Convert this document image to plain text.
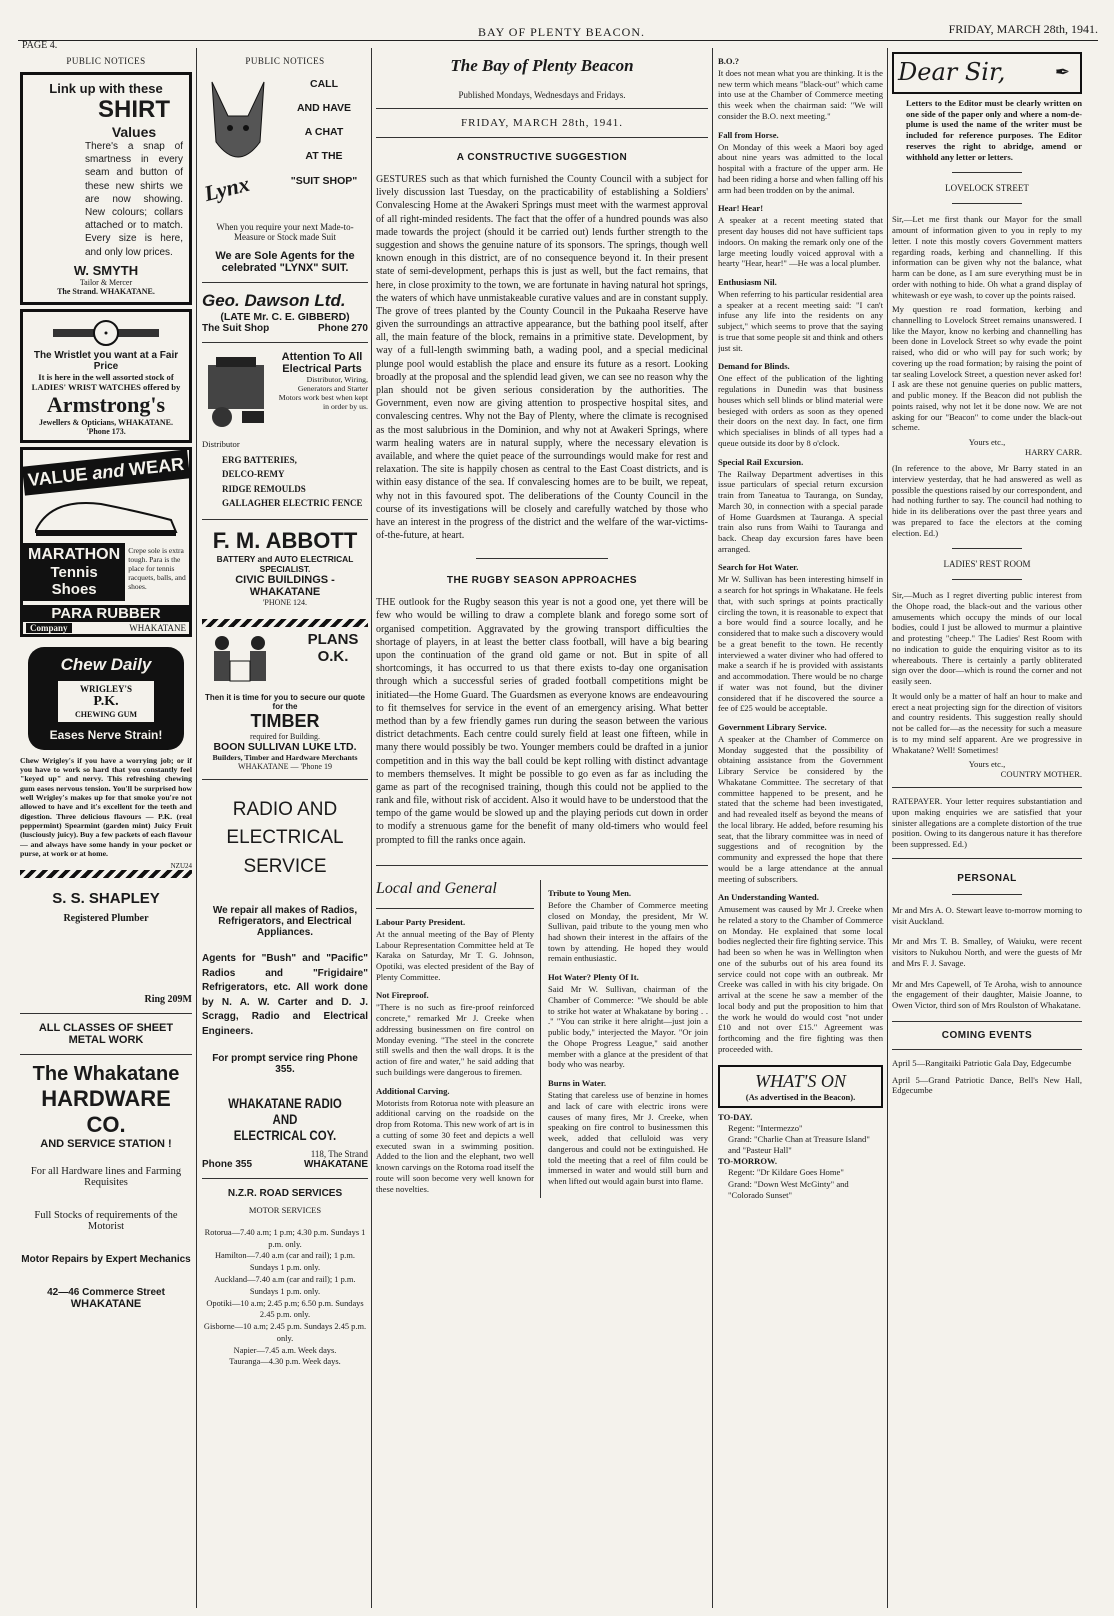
BAY OF PLENTY BEACON.	FRIDAY, MARCH 28th, 1941.
PAGE 4.
PUBLIC NOTICES
Link up with these
SHIRT
Values

There's a snap of smartness in every seam and button of these new shirts we are now showing. New colours; collars attached or to match. Every size is here, and only low prices.

W. SMYTH
Tailor & Mercer
The Strand. WHAKATANE.
The Wristlet you want at a Fair Price
It is here in the well assorted stock of LADIES' WRIST WATCHES offered by
Armstrong's
Jewellers & Opticians, WHAKATANE. 'Phone 173.
VALUE and WEAR
MARATHON
Tennis
Shoes
Crepe sole is extra tough. Para is the place for tennis racquets, balls, and shoes.
PARA RUBBER
Company	WHAKATANE
Chew Daily
WRIGLEY'S
P.K.
CHEWING GUM
Eases Nerve Strain!

Chew Wrigley's if you have a worrying job; or if you have to work so hard that you constantly feel "keyed up" and nervy. This refreshing chewing gum eases nervous tension. You'll be surprised how well Wrigley's makes up for that smoke you're not allowed to have and it's excellent for the teeth and digestion. Three delicious flavours — P.K. (real peppermint) Spearmint (garden mint) Juicy Fruit (lusciously juicy). Buy a few packets of each flavour — and always have some handy in your pocket or purse, at work or at home.

NZU24
S. S. SHAPLEY
Registered Plumber
Ring 209M
ALL CLASSES OF SHEET METAL WORK
The Whakatane
HARDWARE CO.
AND SERVICE STATION !
For all Hardware lines and Farming Requisites
Full Stocks of requirements of the Motorist
Motor Repairs by Expert Mechanics
42—46 Commerce Street
WHAKATANE
PUBLIC NOTICES
Lynx
CALL
AND HAVE
A CHAT
AT THE
"SUIT SHOP"
When you require your next Made-to-Measure or Stock made Suit
We are Sole Agents for the celebrated "LYNX" SUIT.
Geo. Dawson Ltd.
(LATE Mr. C. E. GIBBERD)
The Suit Shop	Phone 270
Attention To All Electrical Parts
Distributor, Wiring, Generators and Starter Motors work best when kept in order by us.
Distributor
ERG BATTERIES,
DELCO-REMY
RIDGE REMOULDS
GALLAGHER ELECTRIC FENCE
F. M. ABBOTT
BATTERY and AUTO ELECTRICAL SPECIALIST.
CIVIC BUILDINGS - WHAKATANE
'PHONE 124.
PLANS O.K.
Then it is time for you to secure our quote for the
TIMBER
required for Building.
BOON SULLIVAN LUKE LTD.
Builders, Timber and Hardware Merchants
WHAKATANE — 'Phone 19
RADIO AND
ELECTRICAL
SERVICE
We repair all makes of Radios, Refrigerators, and Electrical Appliances.
Agents for "Bush" and "Pacific" Radios and "Frigidaire" Refrigerators, etc. All work done by N. A. W. Carter and D. J. Scragg, Radio and Electrical Engineers.
For prompt service ring Phone 355.
WHAKATANE RADIO AND
ELECTRICAL COY.
118, The Strand
Phone 355	WHAKATANE
N.Z.R. ROAD SERVICES
MOTOR SERVICES
Rotorua—7.40 a.m; 1 p.m; 4.30 p.m. Sundays 1 p.m. only.
Hamilton—7.40 a.m (car and rail); 1 p.m. Sundays 1 p.m. only.
Auckland—7.40 a.m (car and rail); 1 p.m. Sundays 1 p.m. only.
Opotiki—10 a.m; 2.45 p.m; 6.50 p.m. Sundays 2.45 p.m. only.
Gisborne—10 a.m; 2.45 p.m. Sundays 2.45 p.m. only.
Napier—7.45 a.m. Week days.
Tauranga—4.30 p.m. Week days.
The Bay of Plenty Beacon
Published Mondays, Wednesdays and Fridays.
FRIDAY, MARCH 28th, 1941.
A CONSTRUCTIVE SUGGESTION

GESTURES such as that which furnished the County Council with a subject for lively discussion last Tuesday, on the practicability of establishing a Soldiers' Convalescing Home at the Awakeri Springs must meet with the warmest approval of all right-minded residents. The fact that the offer of a hundred pounds was also made towards the project (should it be carried out) lends further strength to the suggestion and shows the genuine nature of its sponsors. The springs, though well known enough in this district, are of no consequence beyond it. In their present state of semi-development, perhaps this is just as well, but the fact remains, that here, in close proximity to the town, we are fortunate in having natural hot springs, the waters of which have unmistakeable curative values and are in constant supply. The grove of trees planted by the County Council in the Pukaaha Reserve have given the surroundings an attractive appearance, but the bathing pool itself, after all, the main feature of the block, remains in a primitive state. Development, by way of a full-length swimming bath, a wading pool, and a special medicinal plunge pool would establish the place and ensure its future as a resort. Looking broadly at the proposal and the splendid lead given, we can see no reason why the plan should not be given serious consideration by the authorities. The Government, even now are giving attention to prospective hospital sites, and convalescing centres. Why not the Bay of Plenty, where the climate is recognised as the most salubrious in the Dominion, and why not at Awakeri Springs, where warm healing waters are in natural supply, where the necessary elevation is available, and where the quiet peace of the surroundings would make for rest and relaxation. The site is happily chosen as central to the East Coast districts, and is within easy distance of the sea. If convalescing homes are to be built, we repeat, why not in this favoured spot. The deliberations of the County Council in the course of its investigations will be closely and carefully watched by those who have an interest in the progress of the district and the welfare of the war-victims-of-the-future, at heart.

THE RUGBY SEASON APPROACHES

THE outlook for the Rugby season this year is not a good one, yet there will be few who would be willing to draw a complete blank and forego some sort of organised competition. Aggravated by the growing transport difficulties the shortage of players, in at least the better class football, will have a big bearing upon the continuation of the grand old game or not. But in spite of all shortcomings, it has occurred to us that there exists to-day one organisation through which a successful series of graded football competitions might be initiated—the Home Guard. The Guardsmen as everyone knows are endeavouring to fit themselves for service in the event of an emergency arising. What better method than by a few friendly games run during the season between the various district detachments. Each centre could surely field at least one fifteen, while in many there would possibly be two. Younger members could be drafted in a junior competition and in this way the ball could be kept rolling with distinct advantage to members themselves. It might be possible to go even as far as including the game as part of the recognised training, though this could not be applied to the rank and file, without risk of accident. Also it would have to be understood that the tempo of the game would be slowed up and the playing periods cut down in order to modify a strenuous game for the benefit of many old-timers who would feel prompted to fill the ranks once again.

Local and General
Labour Party President.

At the annual meeting of the Bay of Plenty Labour Representation Committee held at Te Karaka on Saturday, Mr T. G. Johnson, Opotiki, was elected president of the Bay of Plenty Committee.

Not Fireproof.

"There is no such as fire-proof reinforced concrete," remarked Mr J. Creeke when addressing businessmen on fire control on Monday evening. "The steel in the concrete still swells and then the wall drops. It is the action of fire and water," he said adding that such buildings were dangerous to firemen.

Additional Carving.

Motorists from Rotorua note with pleasure an additional carving on the roadside on the drop from Rotoma. This new work of art is in a cutting of some 30 feet and depicts a well executed swan in a swimming position. Added to the lion and the elephant, two well known carvings on the Rotoma road itself the route will soon become very well known for these novelties.

Tribute to Young Men.

Before the Chamber of Commerce meeting closed on Monday, the president, Mr W. Sullivan, paid tribute to the young men who had shown their interest in the affairs of the town by attending. He hoped they would remain enthusiastic.

Hot Water? Plenty Of It.

Said Mr W. Sullivan, chairman of the Chamber of Commerce: "We should be able to strike hot water at Whakatane by boring . . ." "You can strike it here alright—just join a public body," interjected the Mayor. "Or join the Ohope Progress League," said another member with a glance at the president of that body who was nearby.

Burns in Water.

Stating that careless use of benzine in homes and lack of care with electric irons were causes of many fires, Mr J. Creeke, when speaking on fire control to businessmen this week, added that celluloid was very dangerous and could not be extinguished. He told the meeting that a reel of film could be immersed in water and would still burn and when lifted out would again burst into flame.

B.O.?

It does not mean what you are thinking. It is the new term which means "black-out" which came into use at the Chamber of Commerce meeting this week when the chairman said: "We will consider the B.O. next meeting."

Fall from Horse.

On Monday of this week a Maori boy aged about nine years was admitted to the local hospital with a fracture of the upper arm. He had been riding a horse and when falling off his arm had been trodden on by the animal.

Hear! Hear!

A speaker at a recent meeting stated that present day houses did not have sufficient taps indoors. On making the remark only one of the large meeting loudly voiced approval with a hearty "Hear, hear!" —He was a local plumber.

Enthusiasm Nil.

When referring to his particular residential area a speaker at a recent meeting said: "I can't infuse any life into the residents on any subject," which seems to prove that the saying is true that some people sit and think and others just sit.

Demand for Blinds.

One effect of the publication of the lighting regulations in Dunedin was that business houses which sell blinds or blind material were besieged with orders as soon as they opened their doors on the next day. In fact, one firm which specialises in blinds of all types had a queue outside its door by 8 o'clock.

Special Rail Excursion.

The Railway Department advertises in this issue particulars of special return excursion train from Taneatua to Tauranga, on Sunday, March 30, in connection with a special parade of Home Guardsmen at Tauranga. A special train also runs from Waihi to Tauranga and back. Cheap day excursion fares have been arranged.

Search for Hot Water.

Mr W. Sullivan has been interesting himself in a search for hot springs in Whakatane. He feels that, with such springs at points practically circling the town, it is reasonable to expect that a bore would find a source locally, and he considered that to make such a discovery would be a great benefit to the town. He recently interviewed a water diviner who had offered to make a search if he is provided with assistants and accommodation. There would be no charge if water was not found, but the diviner considered that if he discovered the source a fee of £25 would be acceptable.

Government Library Service.

A speaker at the Chamber of Commerce on Monday suggested that the possibility of obtaining assistance from the Government Library Service be considered by the Whakatane Committee. The secretary of that committee happened to be present, and he stated that the scheme had been investigated, and had revealed itself as beyond the means of the local library. He added, before resuming his seat, that the library committee was in need of suggestions and of recognition by the community and expressed the hope that there would be a large attendance at the annual meeting of subscribers.

An Understanding Wanted.

Amusement was caused by Mr J. Creeke when he related a story to the Chamber of Commerce on Monday. He explained that some local bodies neglected their fire fighting service. This had been so when he was in Wellington when one of the suburbs out of his area found its service could not cope with an outbreak. Mr Creeke was called in with his city brigade. On arrival at the scene he saw a member of the local body and put the proposition to him that the work he would do would cost "not under £10 and not over £15." Agreement was forthcoming and the fire fighting was then proceeded with.

WHAT'S ON
(As advertised in the Beacon).
TO-DAY.
Regent: "Intermezzo"
Grand: "Charlie Chan at Treasure Island" and "Pasteur Hall"
TO-MORROW.
Regent: "Dr Kildare Goes Home"
Grand: "Down West McGinty" and "Colorado Sunset"
Dear Sir,	✒

Letters to the Editor must be clearly written on one side of the paper only and where a nom-de-plume is used the name of the writer must be included for reference purposes. The Editor reserves the right to abridge, amend or withhold any letter or letters.

LOVELOCK STREET

Sir,—Let me first thank our Mayor for the small amount of information given to you in reply to my letter. I note this mostly covers Government matters regarding roads, kerbing and channelling. If this information can be given why not the balance, what harm can be done, as I am sure everything must be in order with nothing to hide. Oh what a grand display of whitewash or eye wash, to cover up the points raised.

My question re road formation, kerbing and channelling to Lovelock Street remains unanswered. I like the Mayor, know no kerbing and channelling has been done in Lovelock Street so why evade the point raised, who did or who will pay for such work; by covering up the road formation; by raising the point of tar sealing Lovelock Street, a question never asked for! I ask are these not genuine queries on public matters, and public money. If the Beacon did not publish the points raised, why not let it be done now. We are not asking for our "Beacon" to come under the black-out scheme.

Yours etc.,
HARRY CARR.

(In reference to the above, Mr Barry stated in an interview yesterday, that he had answered as well as possible the questions raised by our correspondent, and had nothing further to say. The council had nothing to hide in its deliberations over the past three years and was prepared to face the electors at the coming election. Ed.)

LADIES' REST ROOM

Sir,—Much as I regret diverting public interest from the Ohope road, the black-out and the various other amusements which occupy the minds of our local bodies, could I just be allowed to murmur a plaintive and protesting "cheep." The Ladies' Rest Room with no indication to guide the enquiring visitor as to its whereabouts. There is certainly a partly obliterated sign over the door—which is round the corner and not easily seen.

It would only be a matter of half an hour to make and erect a neat projecting sign for the direction of visitors and country residents. This suggestion really should not be called for—as the necessity for such a measure is to my mind self apparent. Are we progressive in Whakatane? Well! Sometimes!

Yours etc.,
COUNTRY MOTHER.

RATEPAYER. Your letter requires substantiation and upon making enquiries we are satisfied that your sinister allegations are a complete distortion of the true position. Owing to its dangerous nature it has therefore been suppressed. Ed.)

PERSONAL

Mr and Mrs A. O. Stewart leave to-morrow morning to visit Auckland.

Mr and Mrs T. B. Smalley, of Waiuku, were recent visitors to Nukuhou North, and were the guests of Mr and Mrs F. J. Savage.

Mr and Mrs Capewell, of Te Aroha, wish to announce the engagement of their daughter, Maisie Joanne, to Owen Victor, third son of Mrs Roulston of Whakatane.

COMING EVENTS

April 5—Rangitaiki Patriotic Gala Day, Edgecumbe

April 5—Grand Patriotic Dance, Bell's New Hall, Edgecumbe
